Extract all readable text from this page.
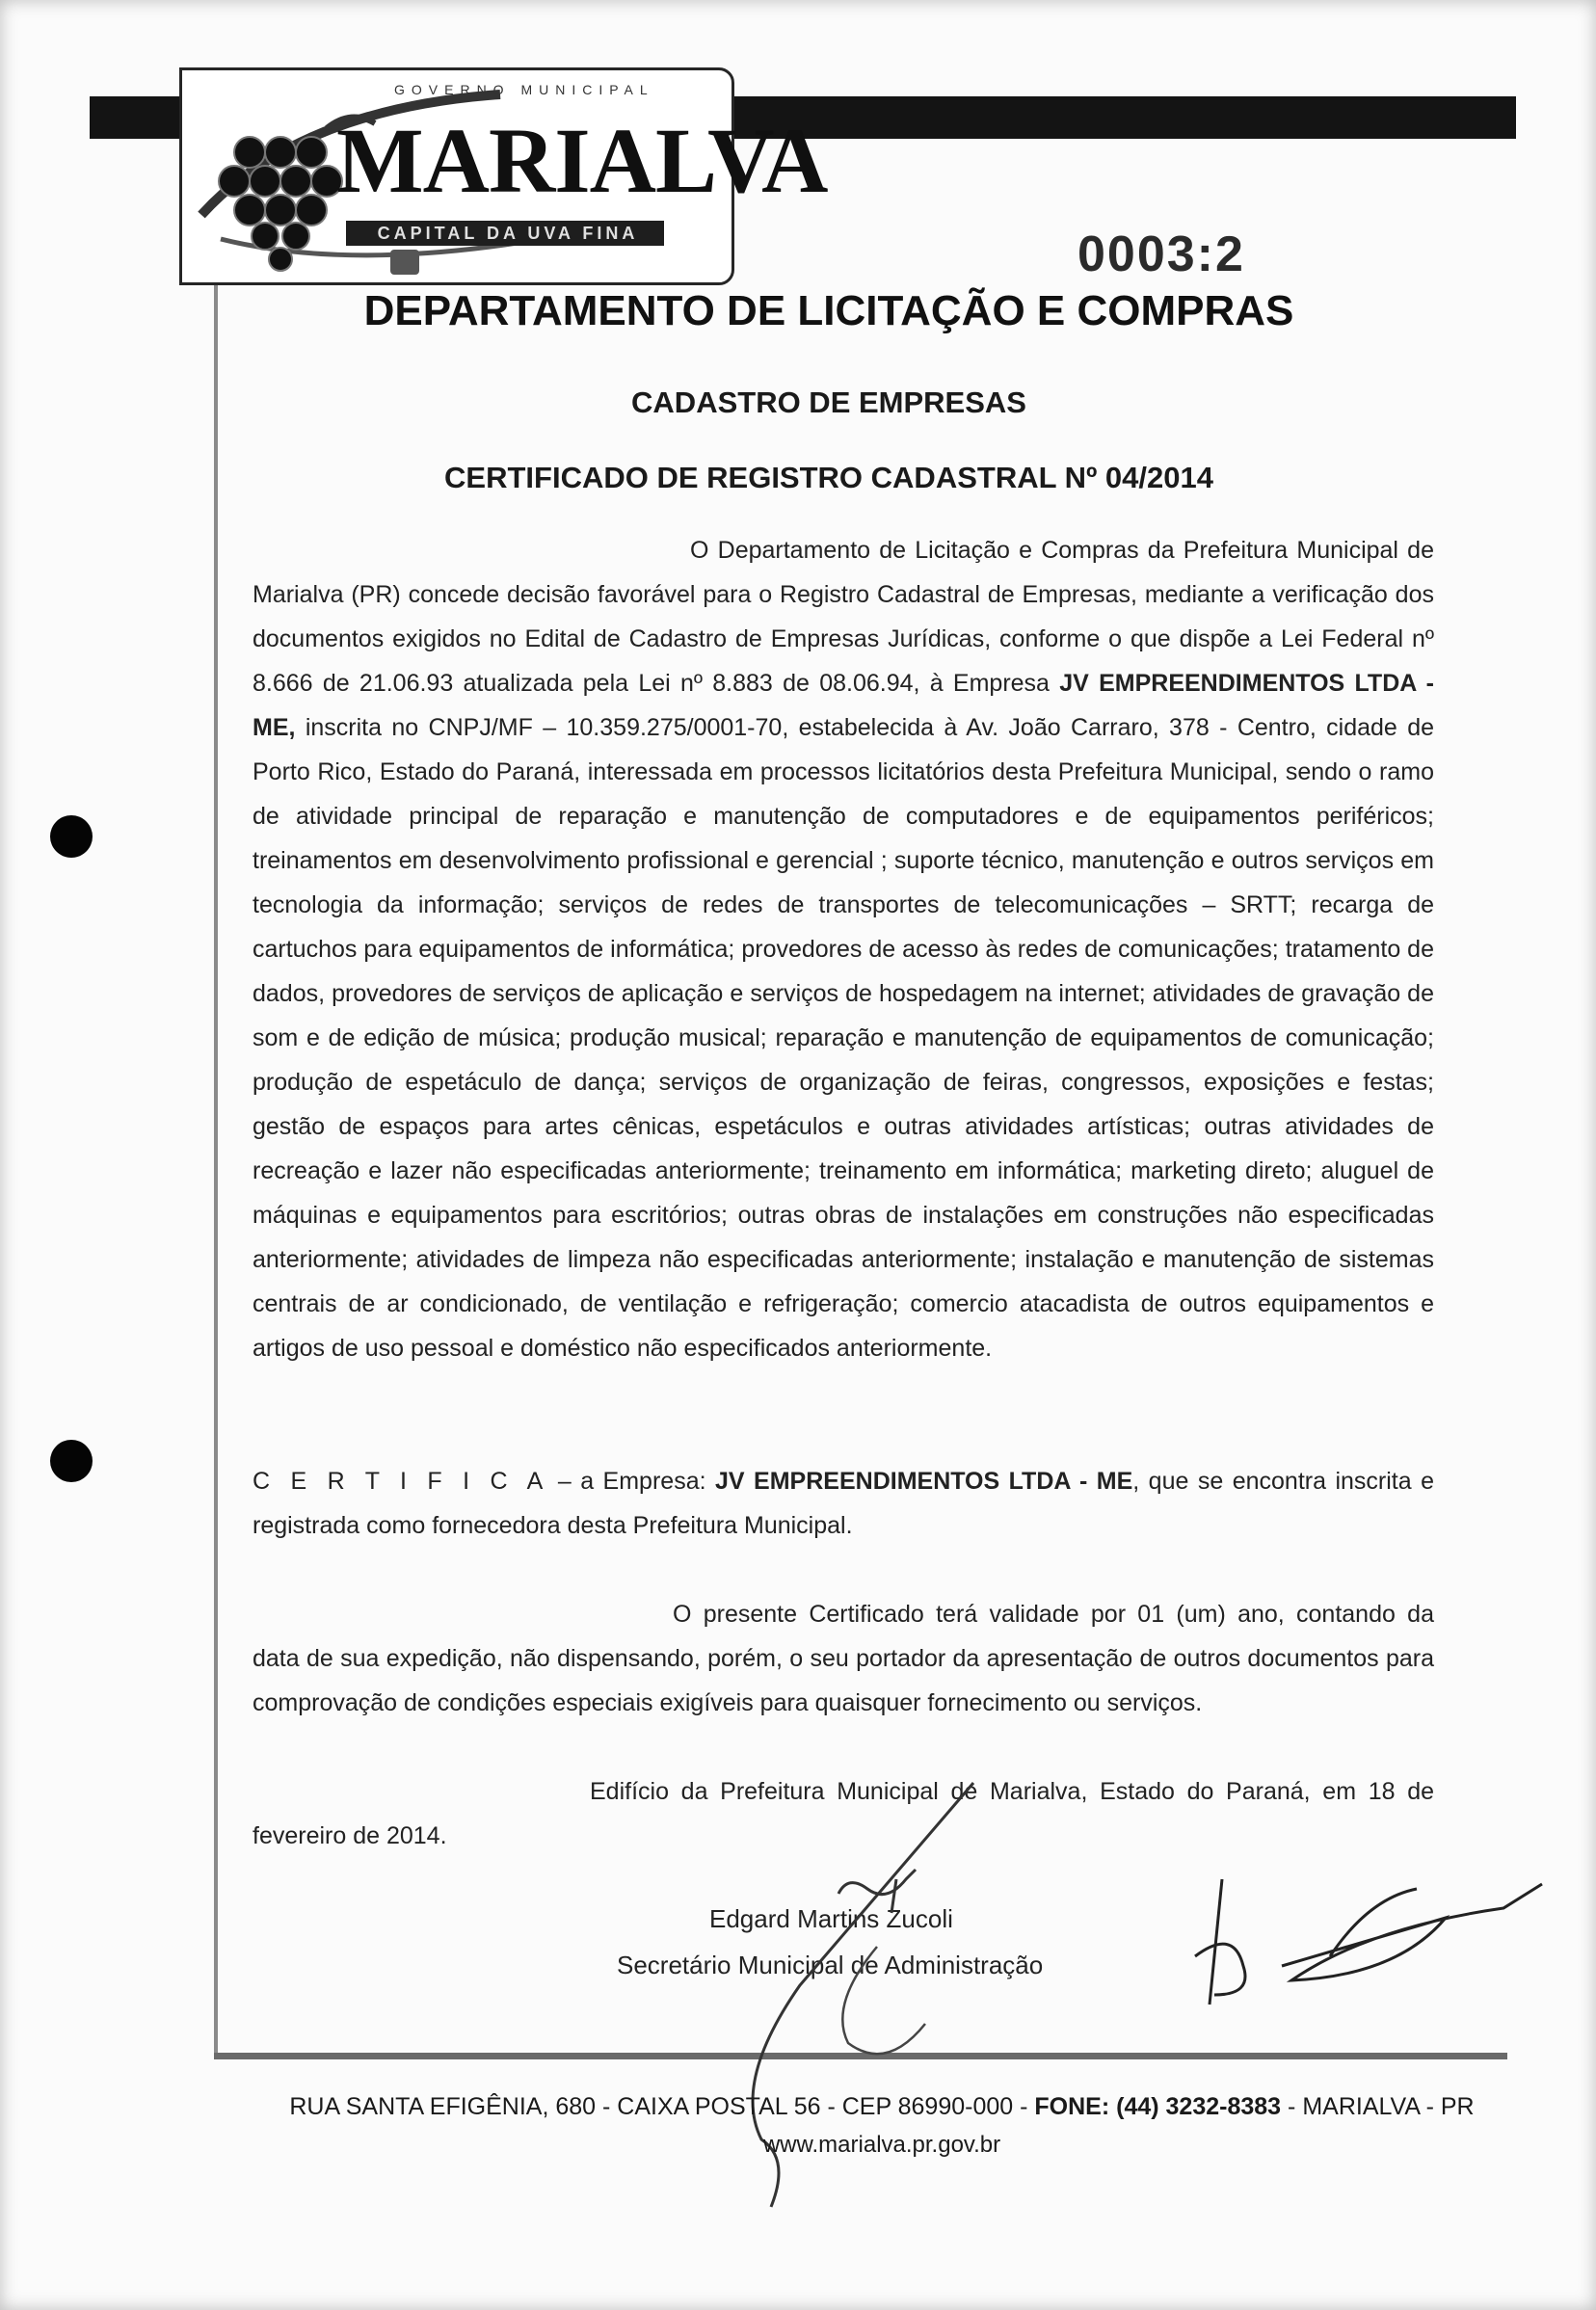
GOVERNO MUNICIPAL
MARIALVA
CAPITAL DA UVA FINA	0003:2
DEPARTAMENTO DE LICITAÇÃO E COMPRAS
CADASTRO DE EMPRESAS
CERTIFICADO DE REGISTRO CADASTRAL Nº 04/2014
O Departamento de Licitação e Compras da Prefeitura Municipal de Marialva (PR) concede decisão favorável para o Registro Cadastral de Empresas, mediante a verificação dos documentos exigidos no Edital de Cadastro de Empresas Jurídicas, conforme o que dispõe a Lei Federal nº 8.666 de 21.06.93 atualizada pela Lei nº 8.883 de 08.06.94, à Empresa JV EMPREENDIMENTOS LTDA - ME, inscrita no CNPJ/MF – 10.359.275/0001-70, estabelecida à Av. João Carraro, 378 - Centro, cidade de Porto Rico, Estado do Paraná, interessada em processos licitatórios desta Prefeitura Municipal, sendo o ramo de atividade principal de reparação e manutenção de computadores e de equipamentos periféricos; treinamentos em desenvolvimento profissional e gerencial ; suporte técnico, manutenção e outros serviços em tecnologia da informação; serviços de redes de transportes de telecomunicações – SRTT; recarga de cartuchos para equipamentos de informática; provedores de acesso às redes de comunicações; tratamento de dados, provedores de serviços de aplicação e serviços de hospedagem na internet; atividades de gravação de som e de edição de música; produção musical; reparação e manutenção de equipamentos de comunicação; produção de espetáculo de dança; serviços de organização de feiras, congressos, exposições e festas; gestão de espaços para artes cênicas, espetáculos e outras atividades artísticas; outras atividades de recreação e lazer não especificadas anteriormente; treinamento em informática; marketing direto; aluguel de máquinas e equipamentos para escritórios; outras obras de instalações em construções não especificadas anteriormente; atividades de limpeza não especificadas anteriormente; instalação e manutenção de sistemas centrais de ar condicionado, de ventilação e refrigeração; comercio atacadista de outros equipamentos e artigos de uso pessoal e doméstico não especificados anteriormente.
C E R T I F I C A – a Empresa: JV EMPREENDIMENTOS LTDA - ME, que se encontra inscrita e registrada como fornecedora desta Prefeitura Municipal.
O presente Certificado terá validade por 01 (um) ano, contando da data de sua expedição, não dispensando, porém, o seu portador da apresentação de outros documentos para comprovação de condições especiais exigíveis para quaisquer fornecimento ou serviços.
Edifício da Prefeitura Municipal de Marialva, Estado do Paraná, em 18 de fevereiro de 2014.
Edgard Martins Zucoli
Secretário Municipal de Administração
RUA SANTA EFIGÊNIA, 680 - CAIXA POSTAL 56 - CEP 86990-000 - FONE: (44) 3232-8383 - MARIALVA - PR
www.marialva.pr.gov.br
